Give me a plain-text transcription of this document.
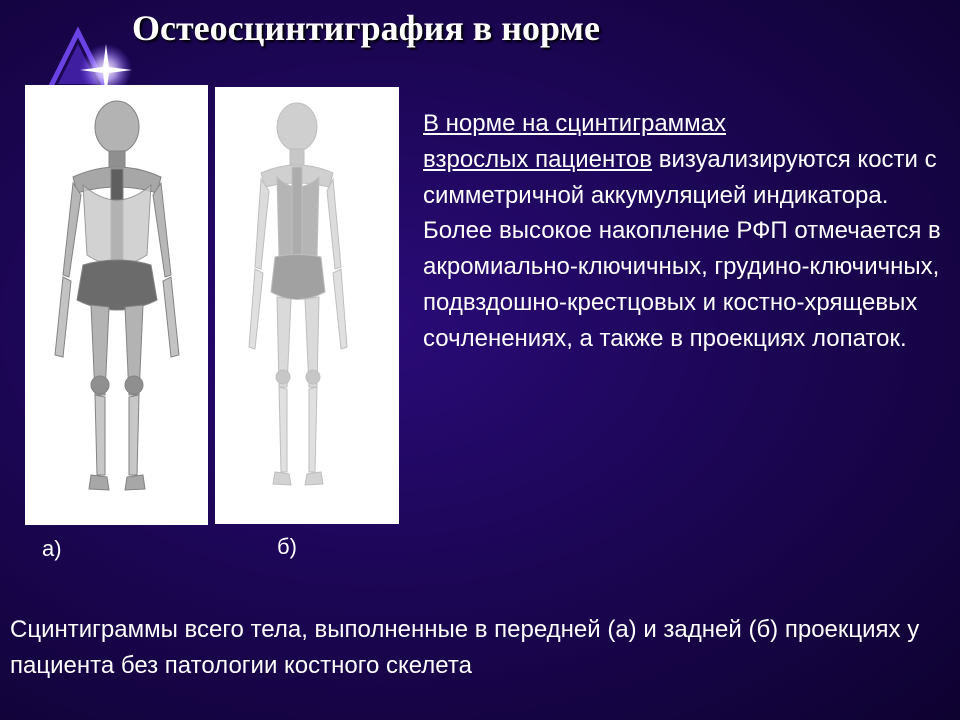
Остеосцинтиграфия в норме
а)	б)
В норме на сцинтиграммах
взрослых пациентов визуализируются кости с симметричной аккумуляцией индикатора. Более высокое накопление РФП отмечается в акромиально-ключичных, грудино-ключичных, подвздошно-крестцовых и костно-хрящевых сочленениях, а также в проекциях лопаток.
Сцинтиграммы всего тела, выполненные в передней (а) и задней (б) проекциях у пациента без патологии костного скелета
